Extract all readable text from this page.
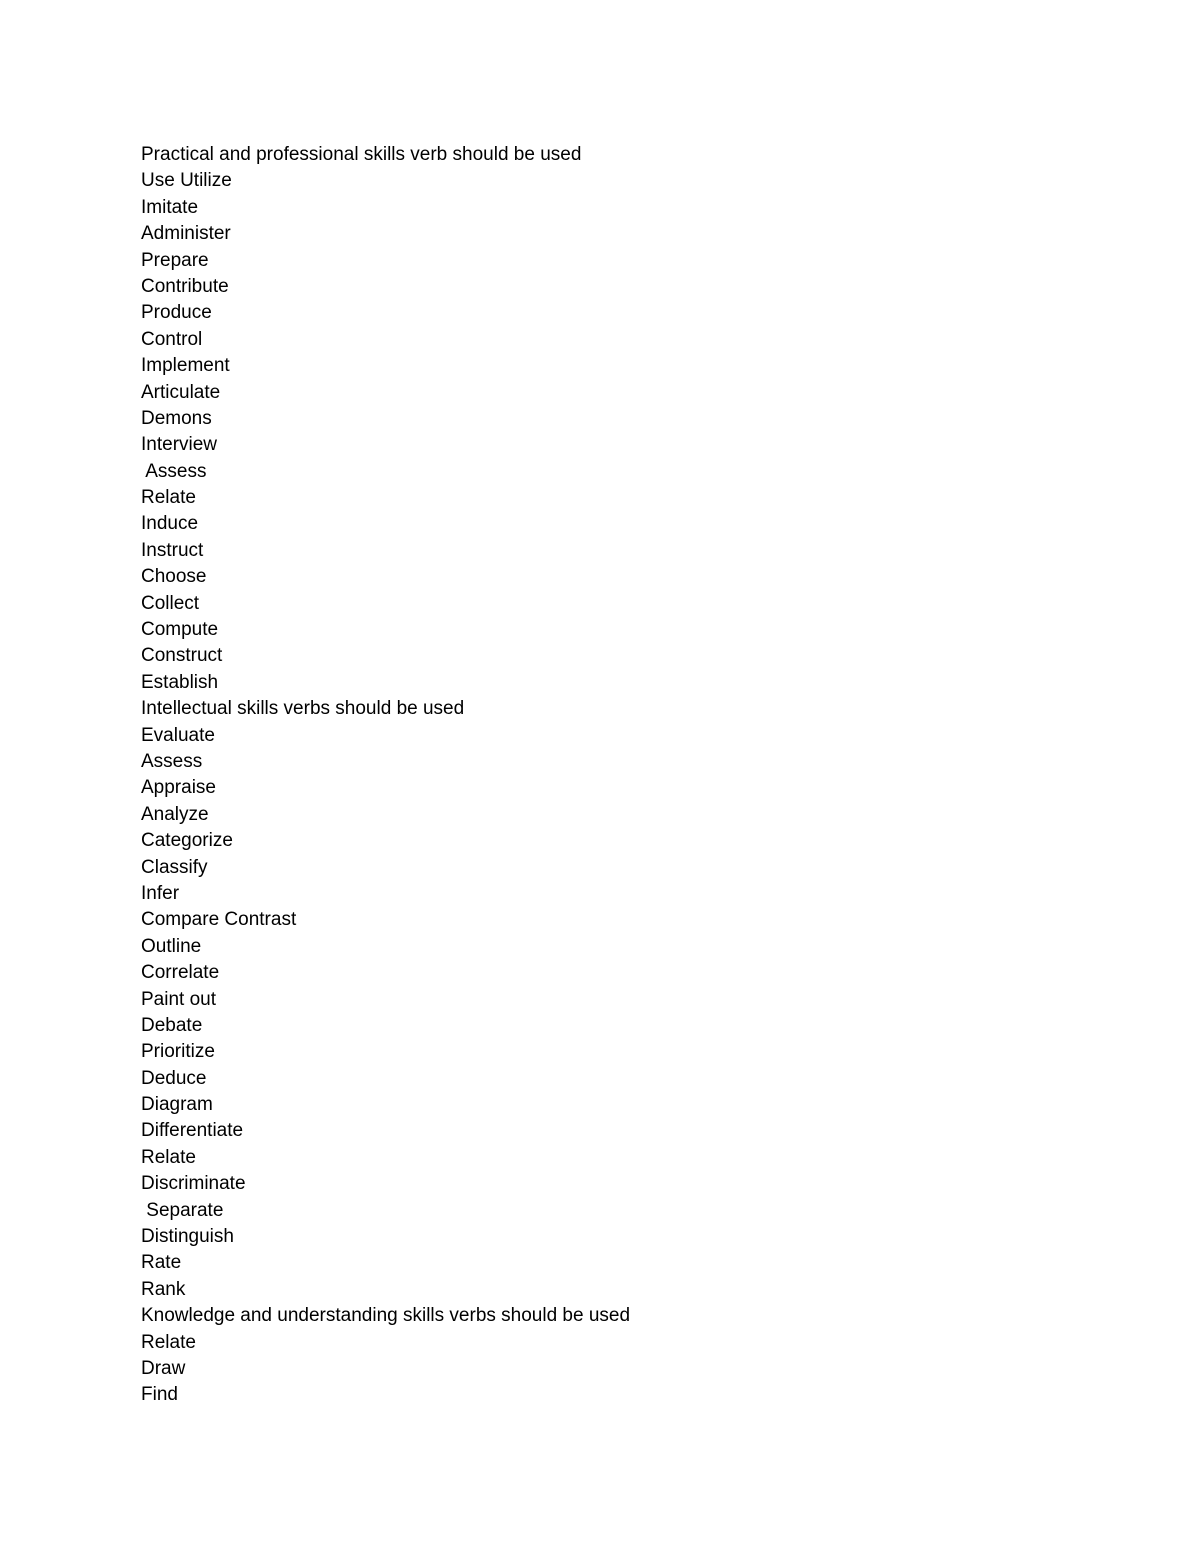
Practical and professional skills verb should be used

Use Utilize

Imitate

Administer

Prepare

Contribute

Produce

Control

Implement

Articulate

Demons

Interview

Assess

Relate

Induce

Instruct

Choose

Collect

Compute

Construct

Establish

Intellectual skills verbs should be used

Evaluate

Assess

Appraise

Analyze

Categorize

Classify

Infer

Compare Contrast

Outline

Correlate

Paint out

Debate

Prioritize

Deduce

Diagram

Differentiate

Relate

Discriminate

Separate

Distinguish

Rate

Rank

Knowledge and understanding skills verbs should be used

Relate

Draw

Find
